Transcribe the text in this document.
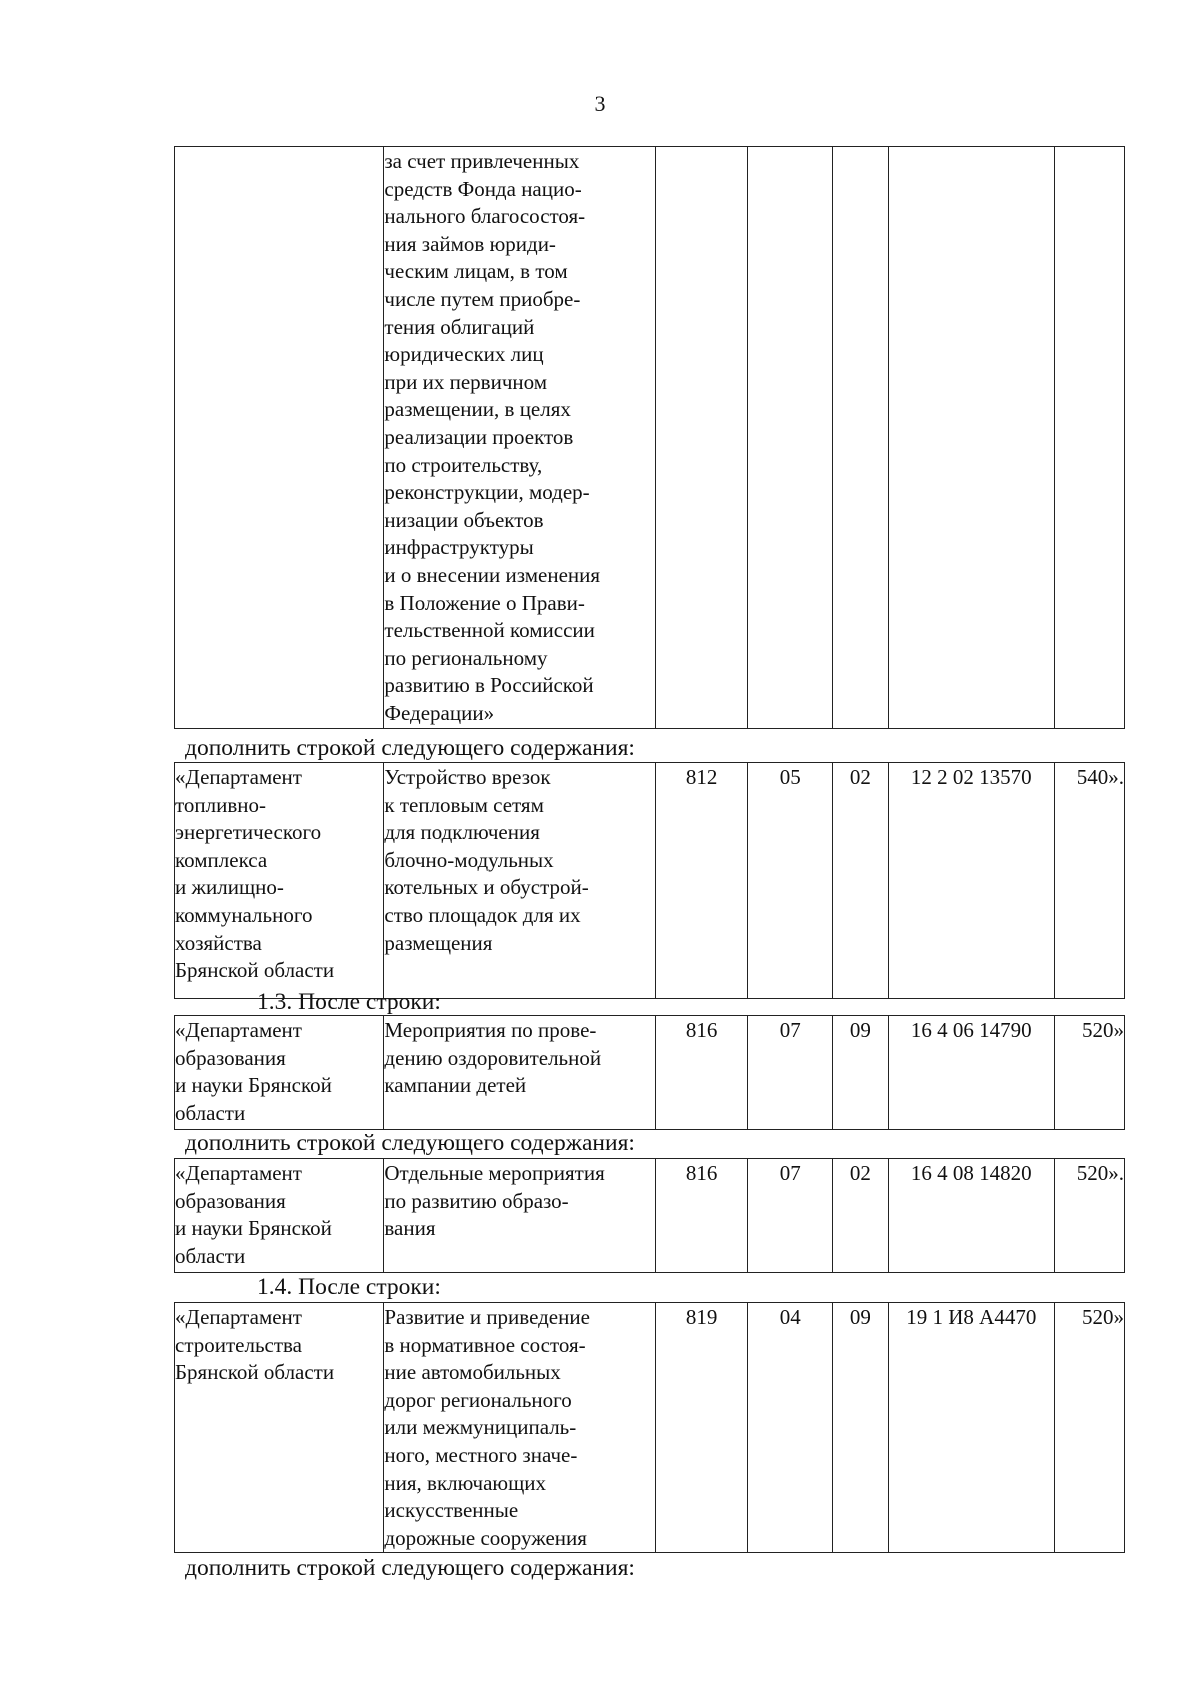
3
	за счет привлеченных
средств Фонда нацио-
нального благосостоя-
ния займов юриди-
ческим лицам, в том
числе путем приобре-
тения облигаций
юридических лиц
при их первичном
размещении, в целях
реализации проектов
по строительству,
реконструкции, модер-
низации объектов
инфраструктуры
и о внесении изменения
в Положение о Прави-
тельственной комиссии
по региональному
развитию в Российской
Федерации»					
дополнить строкой следующего содержания:
«Департамент
топливно-
энергетического
комплекса
и жилищно-
коммунального
хозяйства
Брянской области	Устройство врезок
к тепловым сетям
для подключения
блочно-модульных
котельных и обустрой-
ство площадок для их
размещения	812	05	02	12 2 02 13570	540».
1.3. После строки:
«Департамент
образования
и науки Брянской
области	Мероприятия по прове-
дению оздоровительной
кампании детей	816	07	09	16 4 06 14790	520»
дополнить строкой следующего содержания:
«Департамент
образования
и науки Брянской
области	Отдельные мероприятия
по развитию образо-
вания	816	07	02	16 4 08 14820	520».
1.4. После строки:
«Департамент
строительства
Брянской области	Развитие и приведение
в нормативное состоя-
ние автомобильных
дорог регионального
или межмуниципаль-
ного, местного значе-
ния, включающих
искусственные
дорожные сооружения	819	04	09	19 1 И8 А4470	520»
дополнить строкой следующего содержания:
